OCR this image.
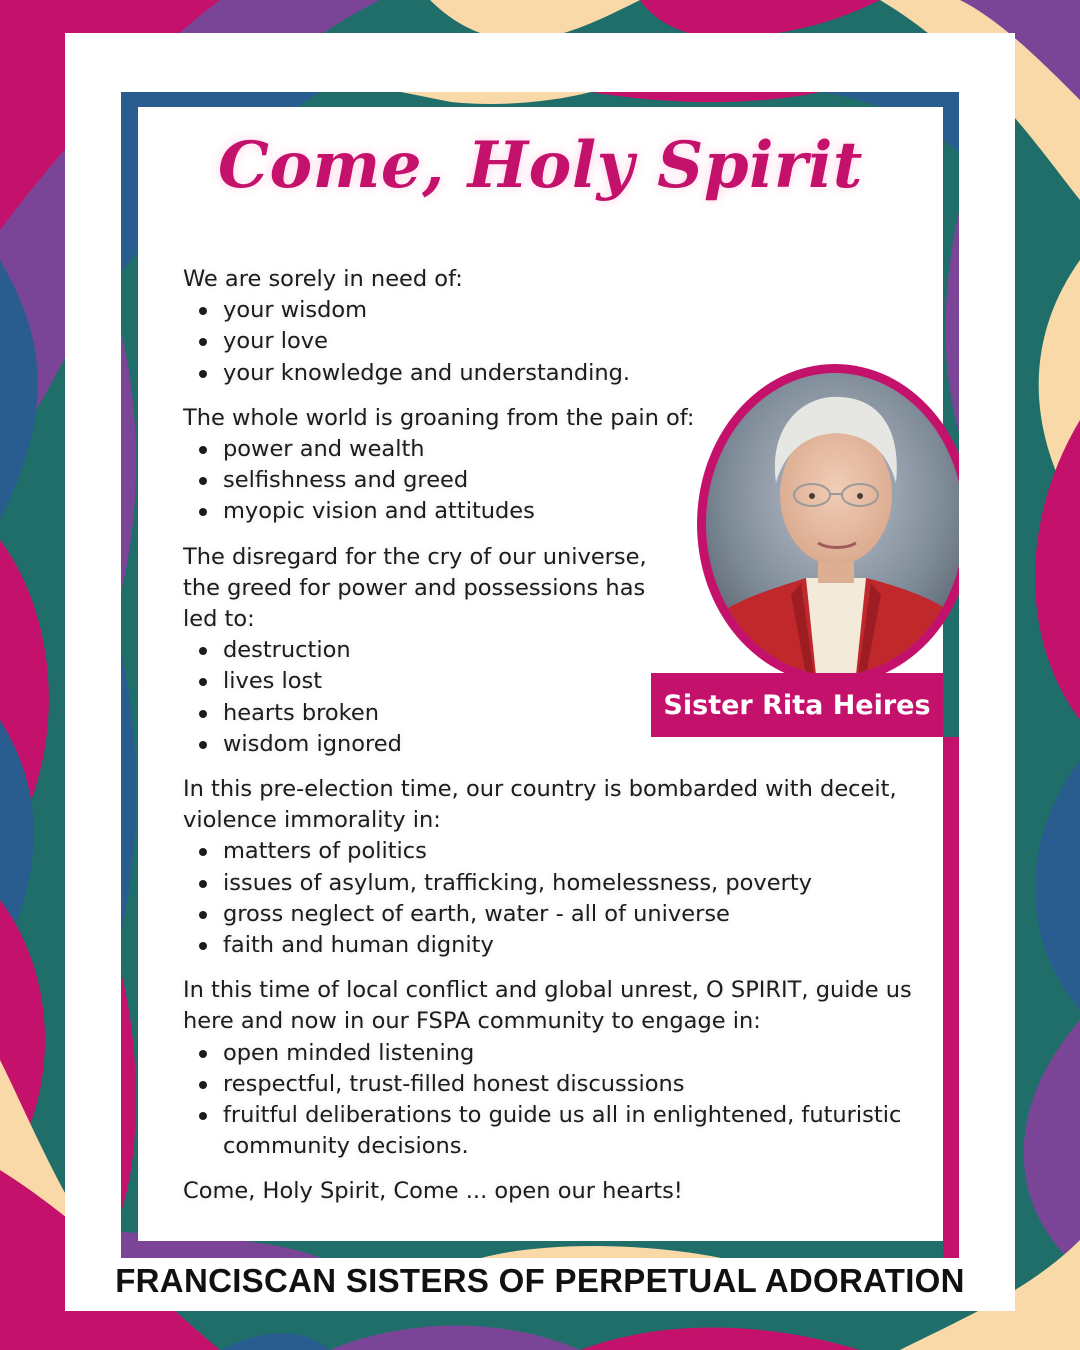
Come, Holy Spirit

We are sorely in need of:

your wisdom
your love
your knowledge and understanding.

The whole world is groaning from the pain of:

power and wealth
selfishness and greed
myopic vision and attitudes

The disregard for the cry of our universe, the greed for power and possessions has led to:

destruction
lives lost
hearts broken
wisdom ignored

In this pre-election time, our country is bombarded with deceit, violence immorality in:

matters of politics
issues of asylum, trafficking, homelessness, poverty
gross neglect of earth, water - all of universe
faith and human dignity

In this time of local conflict and global unrest, O SPIRIT, guide us here and now in our FSPA community to engage in:

open minded listening
respectful, trust-filled honest discussions
fruitful deliberations to guide us all in enlightened, futuristic community decisions.

Come, Holy Spirit, Come ... open our hearts!

Sister Rita Heires
FRANCISCAN SISTERS OF PERPETUAL ADORATION
